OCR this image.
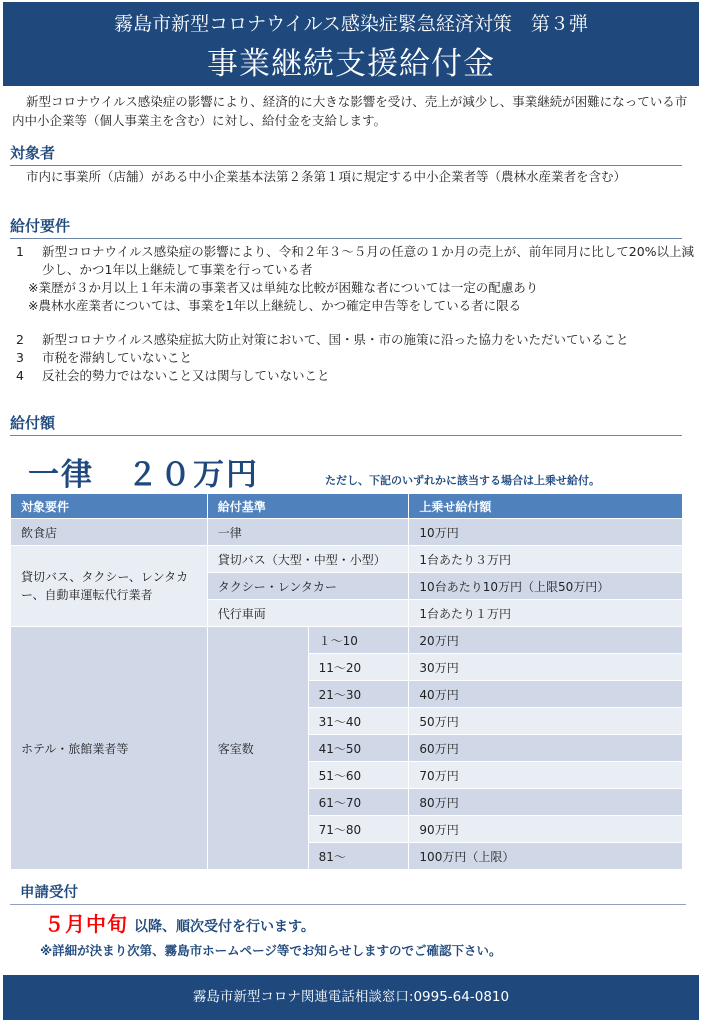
霧島市新型コロナウイルス感染症緊急経済対策　第３弾
事業継続支援給付金
新型コロナウイルス感染症の影響により、経済的に大きな影響を受け、売上が減少し、事業継続が困難になっている市内中小企業等（個人事業主を含む）に対し、給付金を支給します。
対象者
市内に事業所（店舗）がある中小企業基本法第２条第１項に規定する中小企業者等（農林水産業者を含む）
給付要件
1	新型コロナウイルス感染症の影響により、令和２年３～５月の任意の１か月の売上が、前年同月に比して20%以上減少し、かつ1年以上継続して事業を行っている者
※業歴が３か月以上１年未満の事業者又は単純な比較が困難な者については一定の配慮あり
※農林水産業者については、事業を1年以上継続し、かつ確定申告等をしている者に限る
2	新型コロナウイルス感染症拡大防止対策において、国・県・市の施策に沿った協力をいただいていること
3	市税を滞納していないこと
4	反社会的勢力ではないこと又は関与していないこと
給付額
一律　２０万円	ただし、下記のいずれかに該当する場合は上乗せ給付。
対象要件	給付基準		上乗せ給付額
飲食店	一律		10万円
貸切バス、タクシー、レンタカー、自動車運転代行業者	貸切バス（大型・中型・小型）		1台あたり３万円
	タクシー・レンタカー		10台あたり10万円（上限50万円）
	代行車両		1台あたり１万円
ホテル・旅館業者等	客室数	１～10	20万円
		11～20	30万円
		21～30	40万円
		31～40	50万円
		41～50	60万円
		51～60	70万円
		61～70	80万円
		71～80	90万円
		81～	100万円（上限）
申請受付
５月中旬 以降、順次受付を行います。
※詳細が決まり次第、霧島市ホームページ等でお知らせしますのでご確認下さい。
霧島市新型コロナ関連電話相談窓口:0995-64-0810
